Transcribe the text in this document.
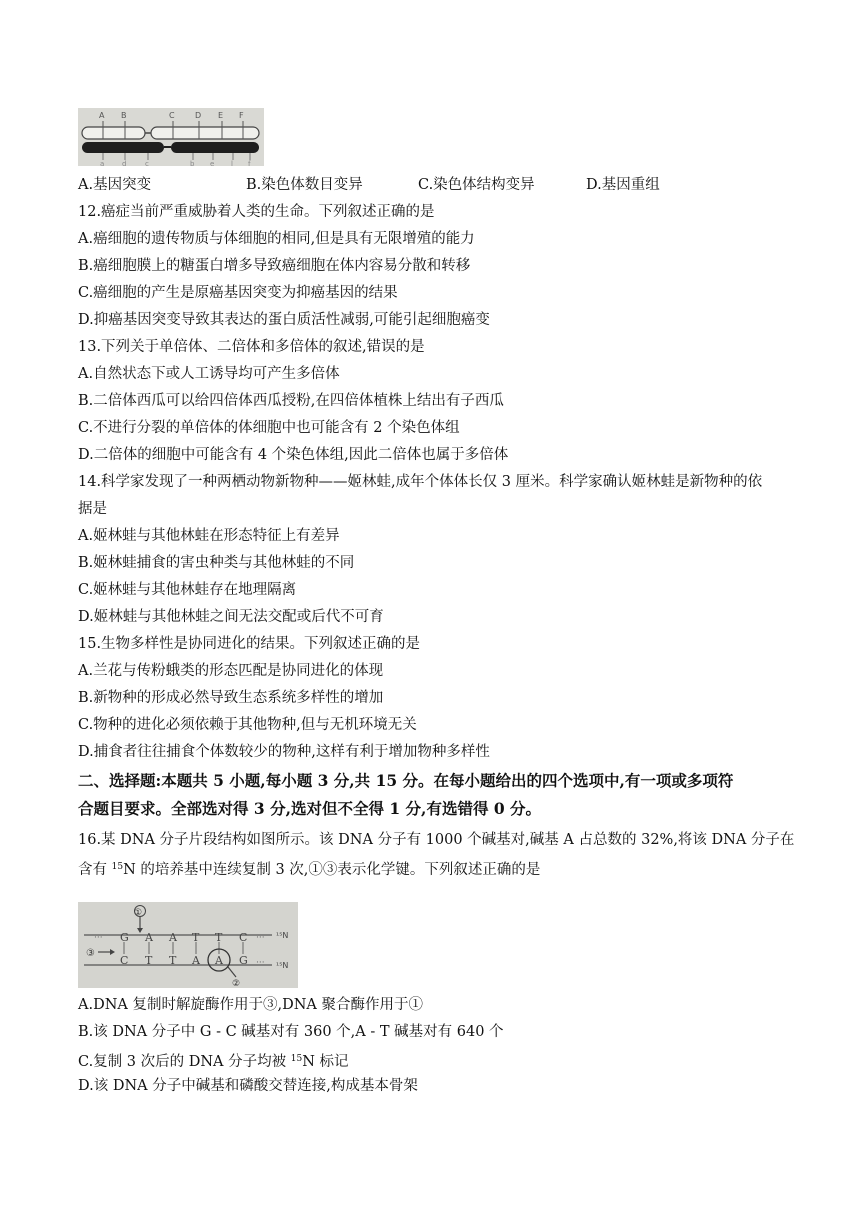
A B	C	D E F
a	d	c	b e l f
A.基因突变	B.染色体数目变异	C.染色体结构变异	D.基因重组
12.癌症当前严重威胁着人类的生命。下列叙述正确的是
A.癌细胞的遗传物质与体细胞的相同,但是具有无限增殖的能力
B.癌细胞膜上的糖蛋白增多导致癌细胞在体内容易分散和转移
C.癌细胞的产生是原癌基因突变为抑癌基因的结果
D.抑癌基因突变导致其表达的蛋白质活性减弱,可能引起细胞癌变
13.下列关于单倍体、二倍体和多倍体的叙述,错误的是
A.自然状态下或人工诱导均可产生多倍体
B.二倍体西瓜可以给四倍体西瓜授粉,在四倍体植株上结出有子西瓜
C.不进行分裂的单倍体的体细胞中也可能含有 2 个染色体组
D.二倍体的细胞中可能含有 4 个染色体组,因此二倍体也属于多倍体
14.科学家发现了一种两栖动物新物种——姬林蛙,成年个体体长仅 3 厘米。科学家确认姬林蛙是新物种的依
据是
A.姬林蛙与其他林蛙在形态特征上有差异
B.姬林蛙捕食的害虫种类与其他林蛙的不同
C.姬林蛙与其他林蛙存在地理隔离
D.姬林蛙与其他林蛙之间无法交配或后代不可育
15.生物多样性是协同进化的结果。下列叙述正确的是
A.兰花与传粉蛾类的形态匹配是协同进化的体现
B.新物种的形成必然导致生态系统多样性的增加
C.物种的进化必须依赖于其他物种,但与无机环境无关
D.捕食者往往捕食个体数较少的物种,这样有利于增加物种多样性
二、选择题:本题共 5 小题,每小题 3 分,共 15 分。在每小题给出的四个选项中,有一项或多项符
合题目要求。全部选对得 3 分,选对但不全得 1 分,有选错得 0 分。
16.某 DNA 分子片段结构如图所示。该 DNA 分子有 1000 个碱基对,碱基 A 占总数的 32%,将该 DNA 分子在
含有 $^{15}$N 的培养基中连续复制 3 次,①③表示化学键。下列叙述正确的是
···	···
···
①
③
②
G A A T T C
C T T A A G
¹⁵N
¹⁵N
A.DNA 复制时解旋酶作用于③,DNA 聚合酶作用于①
B.该 DNA 分子中 G - C 碱基对有 360 个,A - T 碱基对有 640 个
C.复制 3 次后的 DNA 分子均被 $^{15}$N 标记
D.该 DNA 分子中碱基和磷酸交替连接,构成基本骨架
